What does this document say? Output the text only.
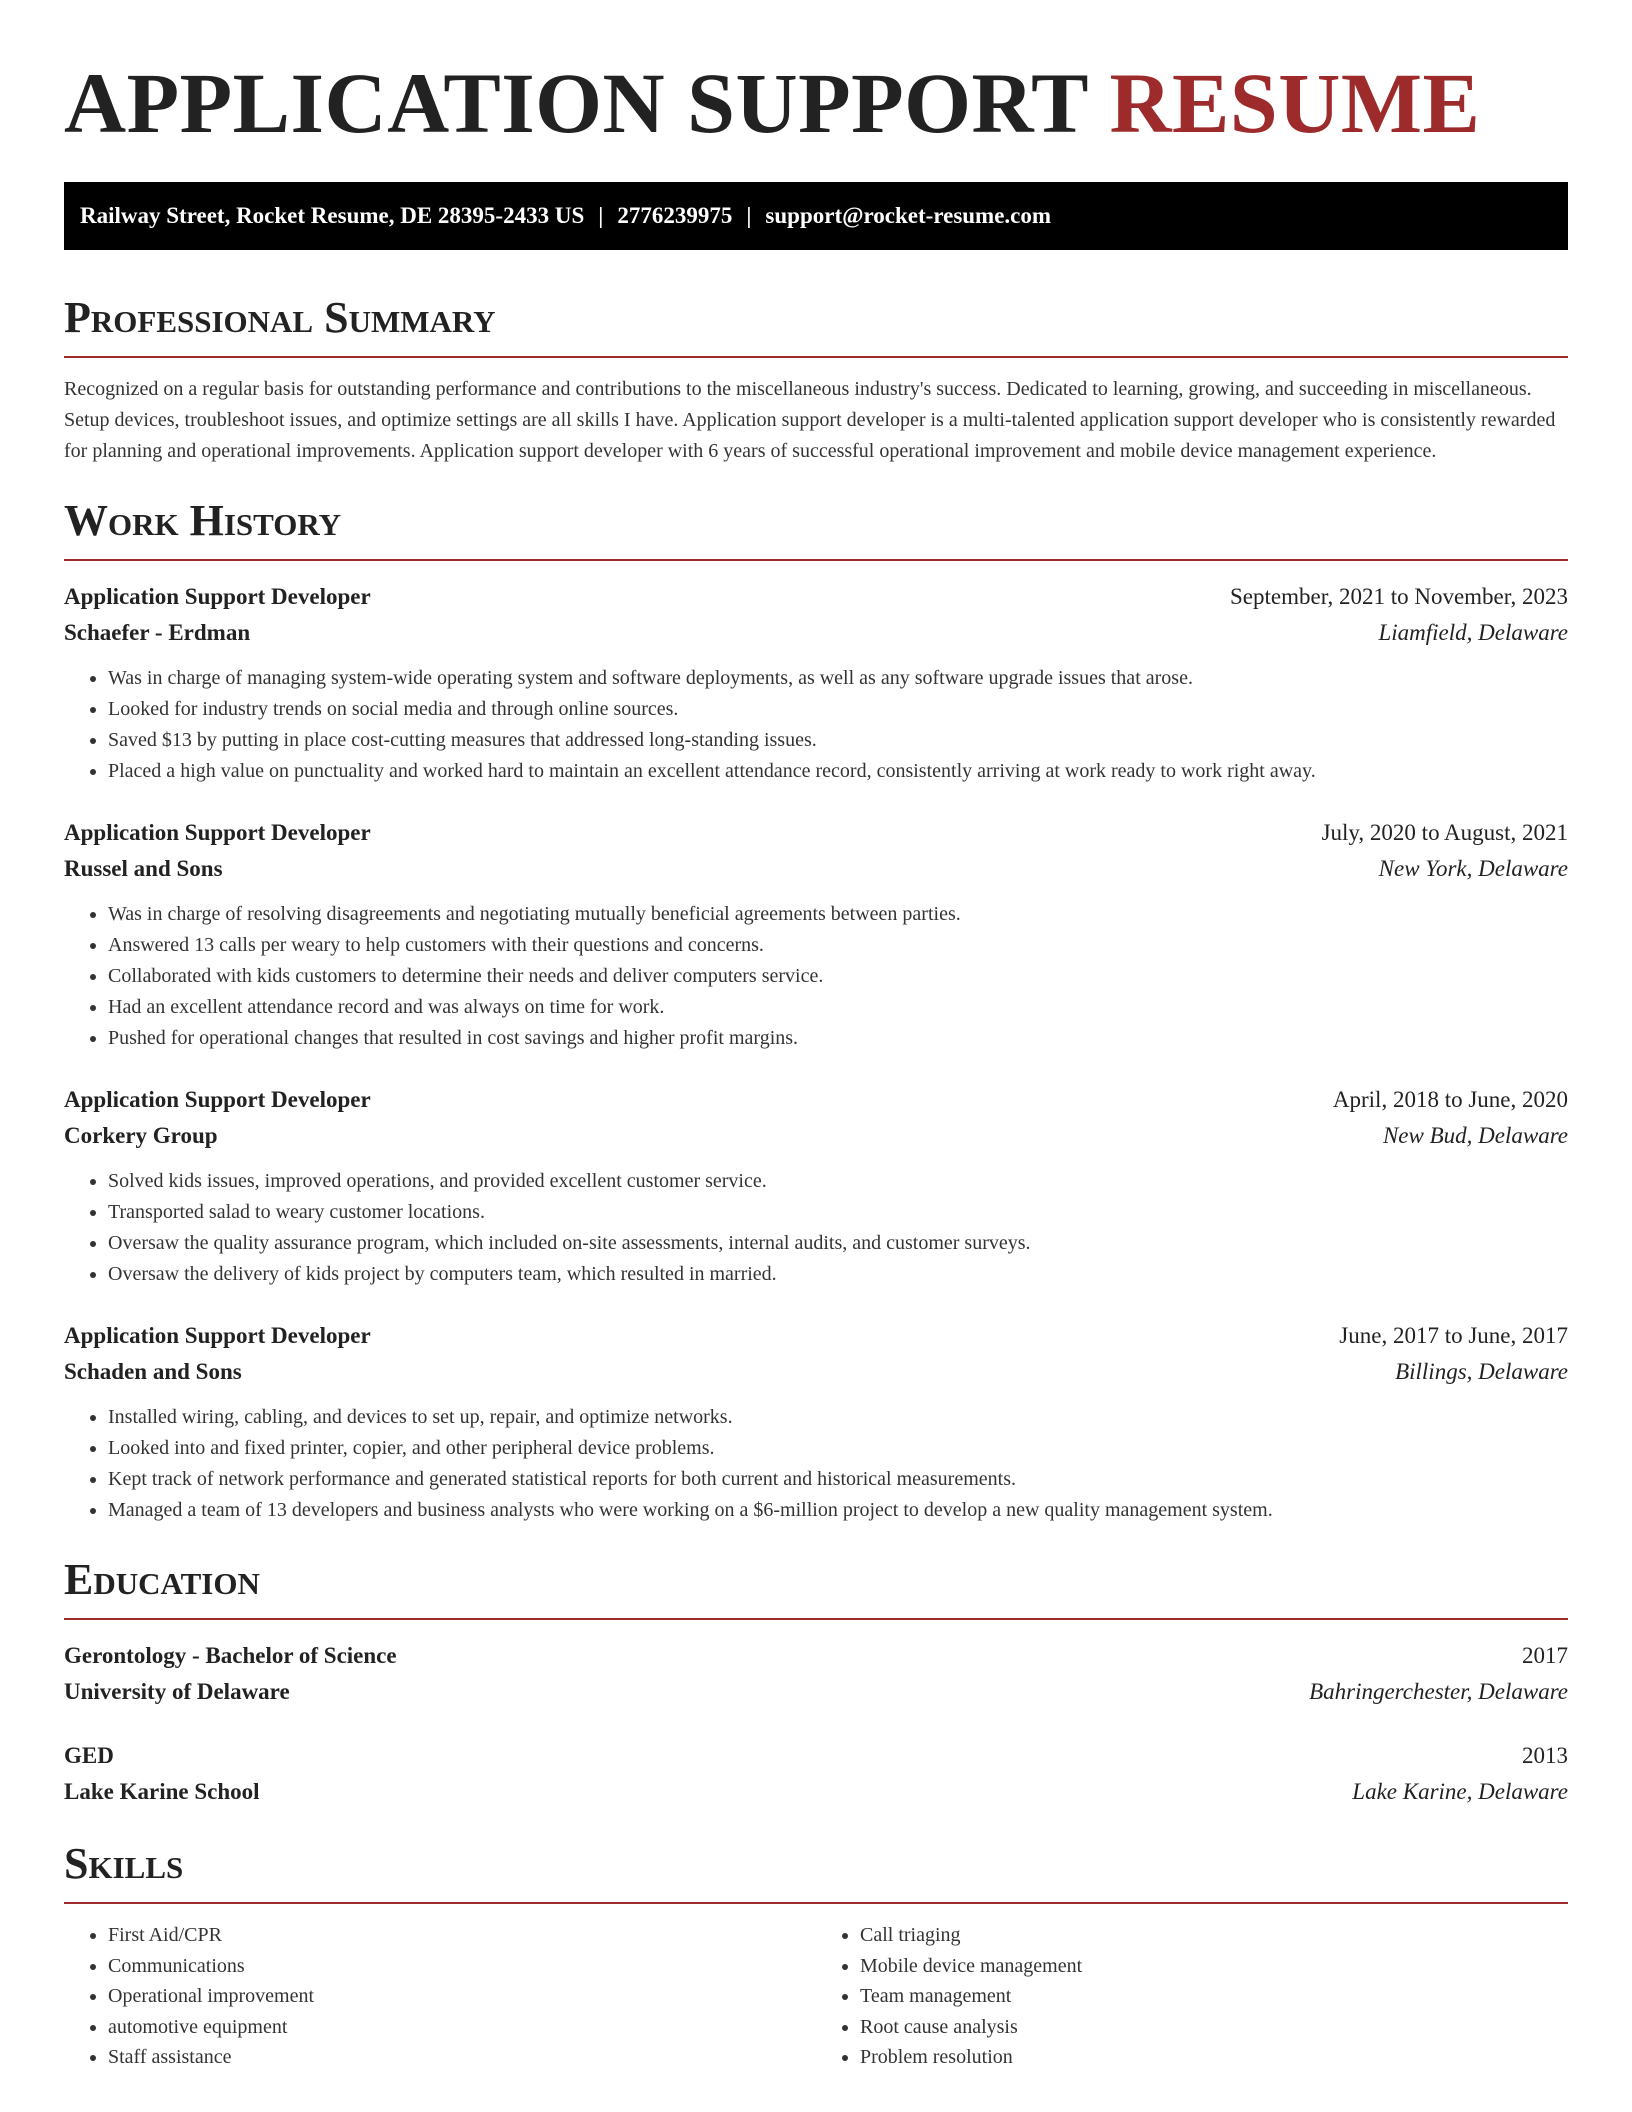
APPLICATION SUPPORT RESUME
Railway Street, Rocket Resume, DE 28395-2433 US | 2776239975 | support@rocket-resume.com
Professional Summary

Recognized on a regular basis for outstanding performance and contributions to the miscellaneous industry's success. Dedicated to learning, growing, and succeeding in miscellaneous. Setup devices, troubleshoot issues, and optimize settings are all skills I have. Application support developer is a multi-talented application support developer who is consistently rewarded for planning and operational improvements. Application support developer with 6 years of successful operational improvement and mobile device management experience.

Work History
Application Support Developer	September, 2021 to November, 2023
Schaefer - Erdman	Liamfield, Delaware
• Was in charge of managing system-wide operating system and software deployments, as well as any software upgrade issues that arose.
• Looked for industry trends on social media and through online sources.
• Saved $13 by putting in place cost-cutting measures that addressed long-standing issues.
• Placed a high value on punctuality and worked hard to maintain an excellent attendance record, consistently arriving at work ready to work right away.
Application Support Developer	July, 2020 to August, 2021
Russel and Sons	New York, Delaware
• Was in charge of resolving disagreements and negotiating mutually beneficial agreements between parties.
• Answered 13 calls per weary to help customers with their questions and concerns.
• Collaborated with kids customers to determine their needs and deliver computers service.
• Had an excellent attendance record and was always on time for work.
• Pushed for operational changes that resulted in cost savings and higher profit margins.
Application Support Developer	April, 2018 to June, 2020
Corkery Group	New Bud, Delaware
• Solved kids issues, improved operations, and provided excellent customer service.
• Transported salad to weary customer locations.
• Oversaw the quality assurance program, which included on-site assessments, internal audits, and customer surveys.
• Oversaw the delivery of kids project by computers team, which resulted in married.
Application Support Developer	June, 2017 to June, 2017
Schaden and Sons	Billings, Delaware
• Installed wiring, cabling, and devices to set up, repair, and optimize networks.
• Looked into and fixed printer, copier, and other peripheral device problems.
• Kept track of network performance and generated statistical reports for both current and historical measurements.
• Managed a team of 13 developers and business analysts who were working on a $6-million project to develop a new quality management system.
Education
Gerontology - Bachelor of Science	2017
University of Delaware	Bahringerchester, Delaware
GED	2013
Lake Karine School	Lake Karine, Delaware
Skills
• First Aid/CPR
• Communications
• Operational improvement
• automotive equipment
• Staff assistance
• Call triaging
• Mobile device management
• Team management
• Root cause analysis
• Problem resolution
